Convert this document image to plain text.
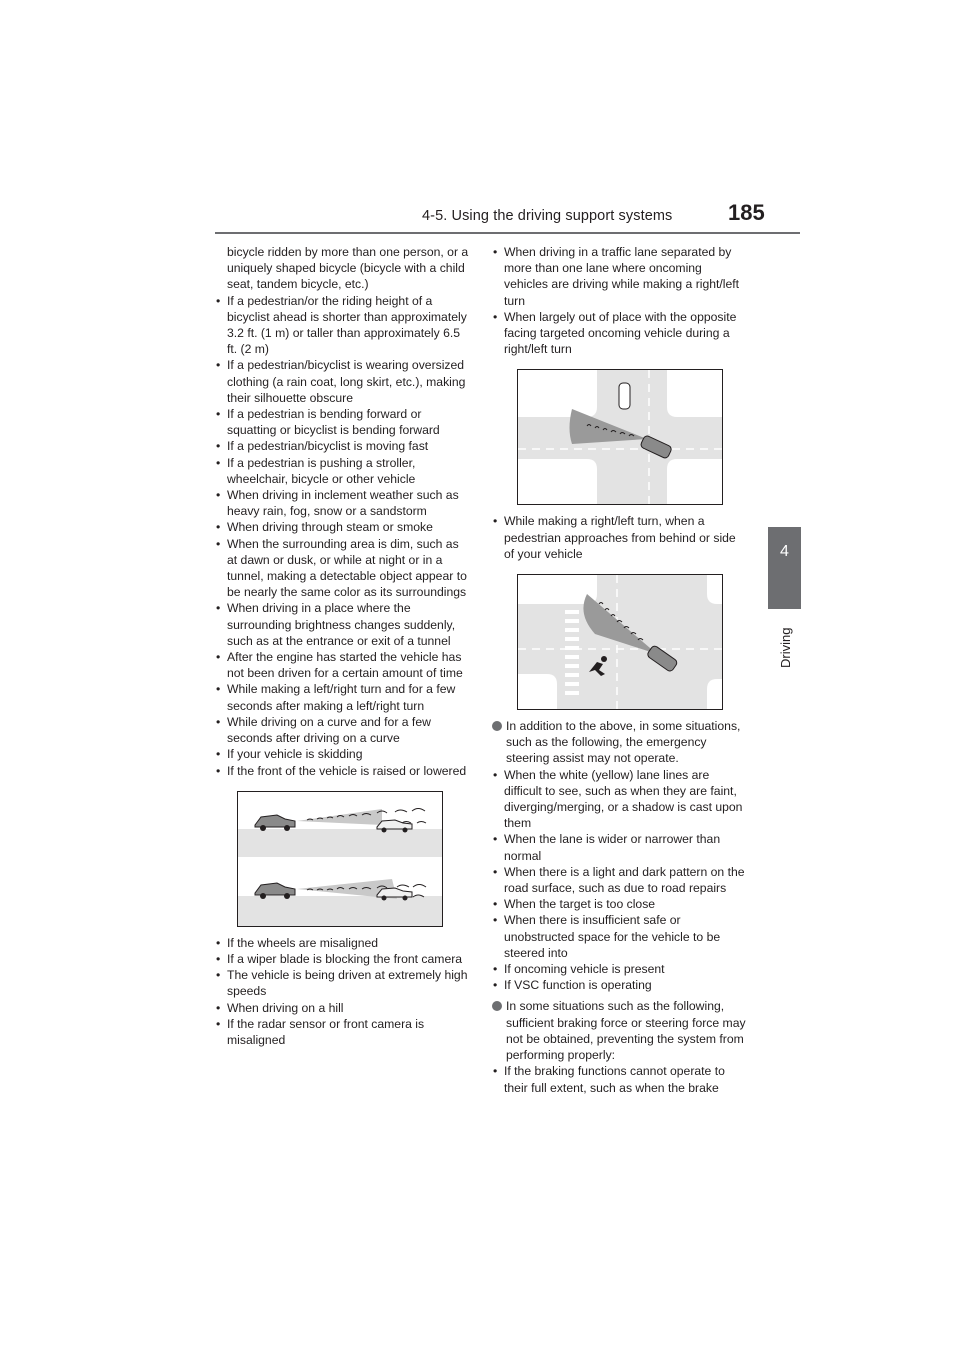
4-5. Using the driving support systems	185
4
Driving
bicycle ridden by more than one person, or a uniquely shaped bicycle (bicycle with a child seat, tandem bicycle, etc.)
• If a pedestrian/or the riding height of a bicyclist ahead is shorter than approximately 3.2 ft. (1 m) or taller than approximately 6.5 ft. (2 m)
• If a pedestrian/bicyclist is wearing oversized clothing (a rain coat, long skirt, etc.), making their silhouette obscure
• If a pedestrian is bending forward or squatting or bicyclist is bending forward
• If a pedestrian/bicyclist is moving fast
• If a pedestrian is pushing a stroller, wheelchair, bicycle or other vehicle
• When driving in inclement weather such as heavy rain, fog, snow or a sandstorm
• When driving through steam or smoke
• When the surrounding area is dim, such as at dawn or dusk, or while at night or in a tunnel, making a detectable object appear to be nearly the same color as its surroundings
• When driving in a place where the surrounding brightness changes suddenly, such as at the entrance or exit of a tunnel
• After the engine has started the vehicle has not been driven for a certain amount of time
• While making a left/right turn and for a few seconds after making a left/right turn
• While driving on a curve and for a few seconds after driving on a curve
• If your vehicle is skidding
• If the front of the vehicle is raised or lowered
• If the wheels are misaligned
• If a wiper blade is blocking the front camera
• The vehicle is being driven at extremely high speeds
• When driving on a hill
• If the radar sensor or front camera is misaligned
• When driving in a traffic lane separated by more than one lane where oncoming vehicles are driving while making a right/left turn
• When largely out of place with the opposite facing targeted oncoming vehicle during a right/left turn
• While making a right/left turn, when a pedestrian approaches from behind or side of your vehicle
In addition to the above, in some situations, such as the following, the emergency steering assist may not operate.
• When the white (yellow) lane lines are difficult to see, such as when they are faint, diverging/merging, or a shadow is cast upon them
• When the lane is wider or narrower than normal
• When there is a light and dark pattern on the road surface, such as due to road repairs
• When the target is too close
• When there is insufficient safe or unobstructed space for the vehicle to be steered into
• If oncoming vehicle is present
• If VSC function is operating
In some situations such as the following, sufficient braking force or steering force may not be obtained, preventing the system from performing properly:
• If the braking functions cannot operate to their full extent, such as when the brake
